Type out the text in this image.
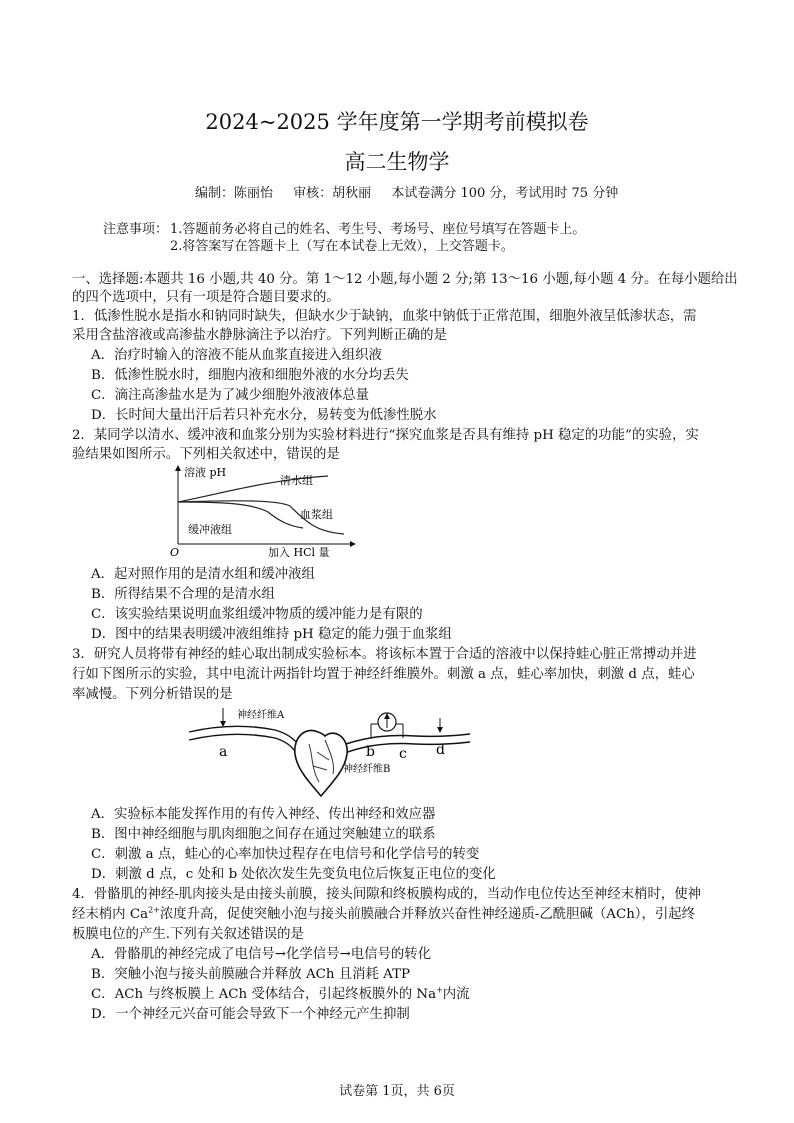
2024~2025 学年度第一学期考前模拟卷
高二生物学
编制：陈丽怡 审核：胡秋丽 本试卷满分 100 分，考试用时 75 分钟
注意事项： 1.答题前务必将自己的姓名、考生号、考场号、座位号填写在答题卡上。
2.将答案写在答题卡上（写在本试卷上无效），上交答题卡。
一、选择题:本题共 16 小题,共 40 分。第 1～12 小题,每小题 2 分;第 13～16 小题,每小题 4 分。在每小题给出
的四个选项中，只有一项是符合题目要求的。
1．低渗性脱水是指水和钠同时缺失，但缺水少于缺钠，血浆中钠低于正常范围，细胞外液呈低渗状态，需
采用含盐溶液或高渗盐水静脉滴注予以治疗。下列判断正确的是
A．治疗时输入的溶液不能从血浆直接进入组织液
B．低渗性脱水时，细胞内液和细胞外液的水分均丢失
C．滴注高渗盐水是为了减少细胞外液液体总量
D．长时间大量出汗后若只补充水分，易转变为低渗性脱水
2．某同学以清水、缓冲液和血浆分别为实验材料进行“探究血浆是否具有维持 pH 稳定的功能”的实验，实
验结果如图所示。下列相关叙述中，错误的是
溶液 pH
O	加入 HCl 量
清水组
血浆组
缓冲液组
A．起对照作用的是清水组和缓冲液组
B．所得结果不合理的是清水组
C．该实验结果说明血浆组缓冲物质的缓冲能力是有限的
D．图中的结果表明缓冲液组维持 pH 稳定的能力强于血浆组
3．研究人员将带有神经的蛙心取出制成实验标本。将该标本置于合适的溶液中以保持蛙心脏正常搏动并进
行如下图所示的实验，其中电流计两指针均置于神经纤维膜外。刺激 a 点，蛙心率加快，刺激 d 点，蛙心
率减慢。下列分析错误的是
神经纤维A
a	b c d
神经纤维B
A．实验标本能发挥作用的有传入神经、传出神经和效应器
B．图中神经细胞与肌肉细胞之间存在通过突触建立的联系
C．刺激 a 点，蛙心的心率加快过程存在电信号和化学信号的转变
D．刺激 d 点，c 处和 b 处依次发生先变负电位后恢复正电位的变化
4．骨骼肌的神经-肌肉接头是由接头前膜，接头间隙和终板膜构成的，当动作电位传达至神经末梢时，使神
经末梢内 $Ca^{2+}$浓度升高，促使突触小泡与接头前膜融合并释放兴奋性神经递质-乙酰胆碱（ACh），引起终
板膜电位的产生.下列有关叙述错误的是
A．骨骼肌的神经完成了电信号→化学信号→电信号的转化
B．突触小泡与接头前膜融合并释放 ACh 且消耗 ATP
C．ACh 与终板膜上 ACh 受体结合，引起终板膜外的 Na+内流
D．一个神经元兴奋可能会导致下一个神经元产生抑制
试卷第 1页，共 6页
